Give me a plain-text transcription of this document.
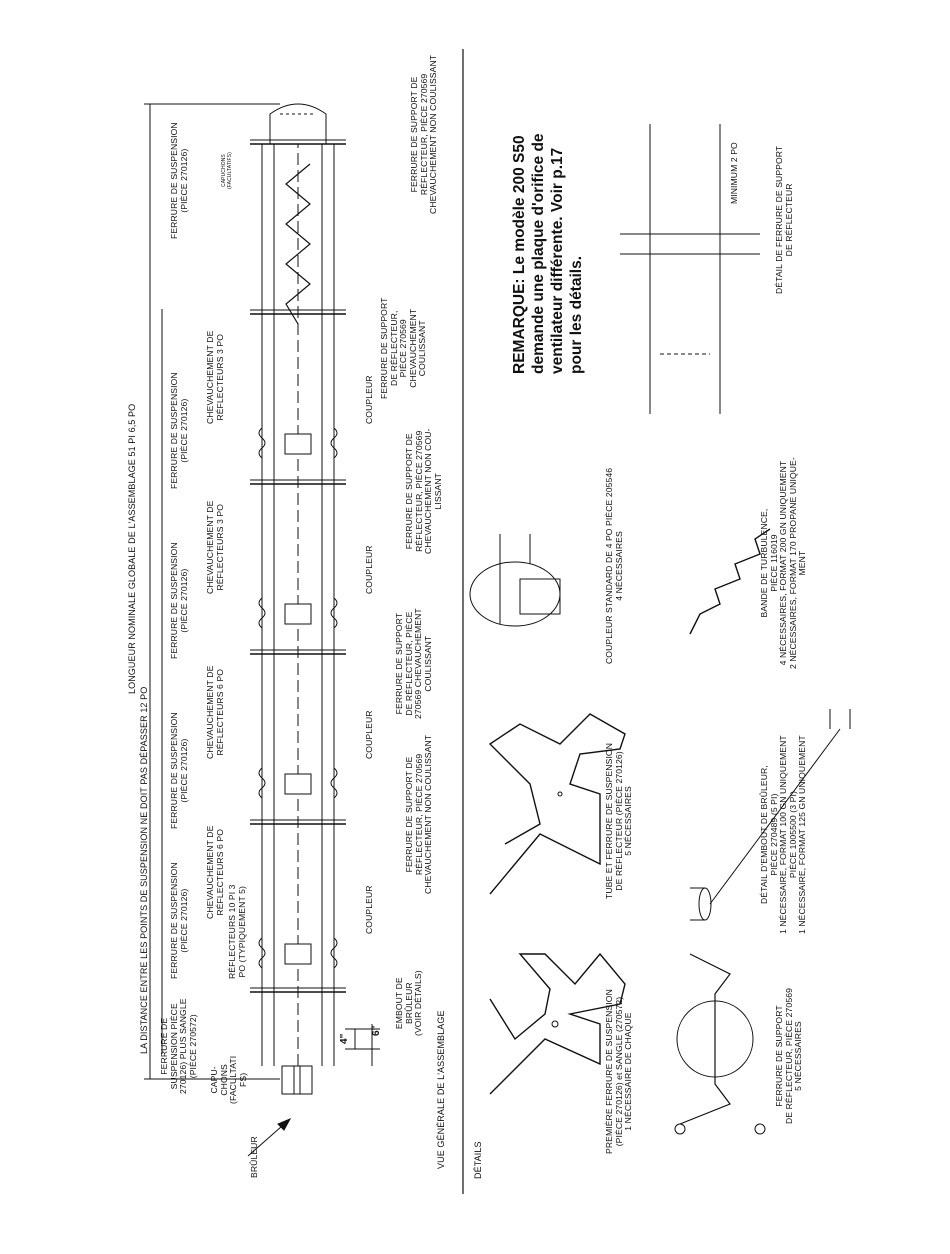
LONGUEUR NOMINALE GLOBALE DE L'ASSEMBLAGE 51 PI 6,5 PO
LA DISTANCE ENTRE LES POINTS DE SUSPENSION NE DOIT PAS DÉPASSER 12 PO FERRURE DE
SUSPENSION PIÈCE
270126) PLUS SANGLE
(PIÈCE 270572)
FERRURE DE SUSPENSION
(PIÈCE 270126)
FERRURE DE SUSPENSION
(PIÈCE 270126)
FERRURE DE SUSPENSION
(PIÈCE 270126)
FERRURE DE SUSPENSION
(PIÈCE 270126)
FERRURE DE SUSPENSION
(PIÈCE 270126)
CAPU-
CHONS
(FACULTATI
FS)
RÉFLECTEURS 10 PI 3
PO (TYPIQUEMENT 5)
CHEVAUCHEMENT DE
RÉFLECTEURS 6 PO
CHEVAUCHEMENT DE
RÉFLECTEURS 6 PO
CHEVAUCHEMENT DE
RÉFLECTEURS 3 PO
CHEVAUCHEMENT DE
RÉFLECTEURS 3 PO
CAPUCHONS
(FACULTATIFS)
4"
6"
EMBOUT DE
BRÛLEUR
(VOIR DÉTAILS)
COUPLEUR
COUPLEUR
COUPLEUR
COUPLEUR
FERRURE DE SUPPORT DE
RÉFLECTEUR, PIÈCE 270569
CHEVAUCHEMENT NON COULISSANT
FERRURE DE SUPPORT
DE RÉFLECTEUR, PIÈCE
270569 CHEVAUCHEMENT
COULISSANT
FERRURE DE SUPPORT DE
RÉFLECTEUR, PIÈCE 270569
CHEVAUCHEMENT NON COU-
LISSANT
FERRURE DE SUPPORT
DE RÉFLECTEUR,
PIÈCE 270569
CHEVAUCHEMENT
COULISSANT
FERRURE DE SUPPORT DE
RÉFLECTEUR, PIÈCE 270569
CHEVAUCHEMENT NON COULISSANT
BRÛLEUR	VUE GÉNÉRALE DE L'ASSEMBLAGE	DÉTAILS
PREMIÈRE FERRURE DE SUSPENSION
(PIÈCE 270126) et SANGLE (270572)
1 NÉCESSAIRE DE CHAQUE
TUBE ET FERRURE DE SUSPENSION
DE RÉFLECTEUR (PIÈCE 270126)
5 NÉCESSAIRES
COUPLEUR STANDARD DE 4 PO PIÈCE 205546
4 NÉCESSAIRES
FERRURE DE SUPPORT
DE RÉFLECTEUR, PIÈCE 270569
5 NÉCESSAIRES
DÉTAIL D'EMBOUT DE BRÛLEUR,
PIÈCE 270489 (5 PI)
1 NÉCESSAIRE, FORMAT 100 GN UNIQUEMENT
PIÈCE 1005500 (3 PI)
1 NÉCESSAIRE, FORMAT 125 GN UNIQUEMENT
BANDE DE TURBULENCE,
PIÈCE 116019
4 NÉCESSAIRES, FORMAT 200 GN UNIQUEMENT
2 NÉCESSAIRES, FORMAT 170 PROPANE UNIQUE-
MENT
REMARQUE: Le modèle 200 S50
demande une plaque d'orifice de
ventilateur différente. Voir p.17
pour les détails.
MINIMUM 2 PO
DÉTAIL DE FERRURE DE SUPPORT
DE RÉFLECTEUR
